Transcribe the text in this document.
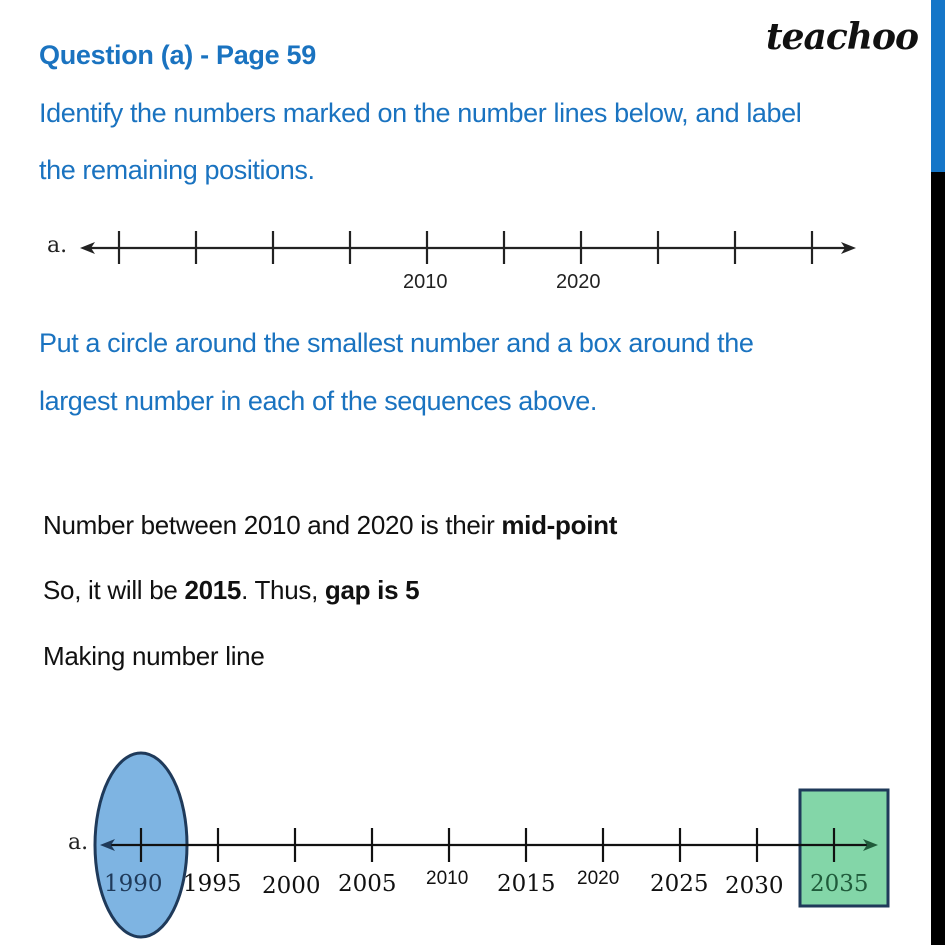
Question (a) - Page 59	teachoo
Identify the numbers marked on the number lines below, and label
the remaining positions.
a.
2010	2020
Put a circle around the smallest number and a box around the
largest number in each of the sequences above.
Number between 2010 and 2020 is their mid-point
So, it will be 2015. Thus, gap is 5
Making number line
a.
1990 1995 2000 2005 2010 2015 2020 2025 2030 2035
